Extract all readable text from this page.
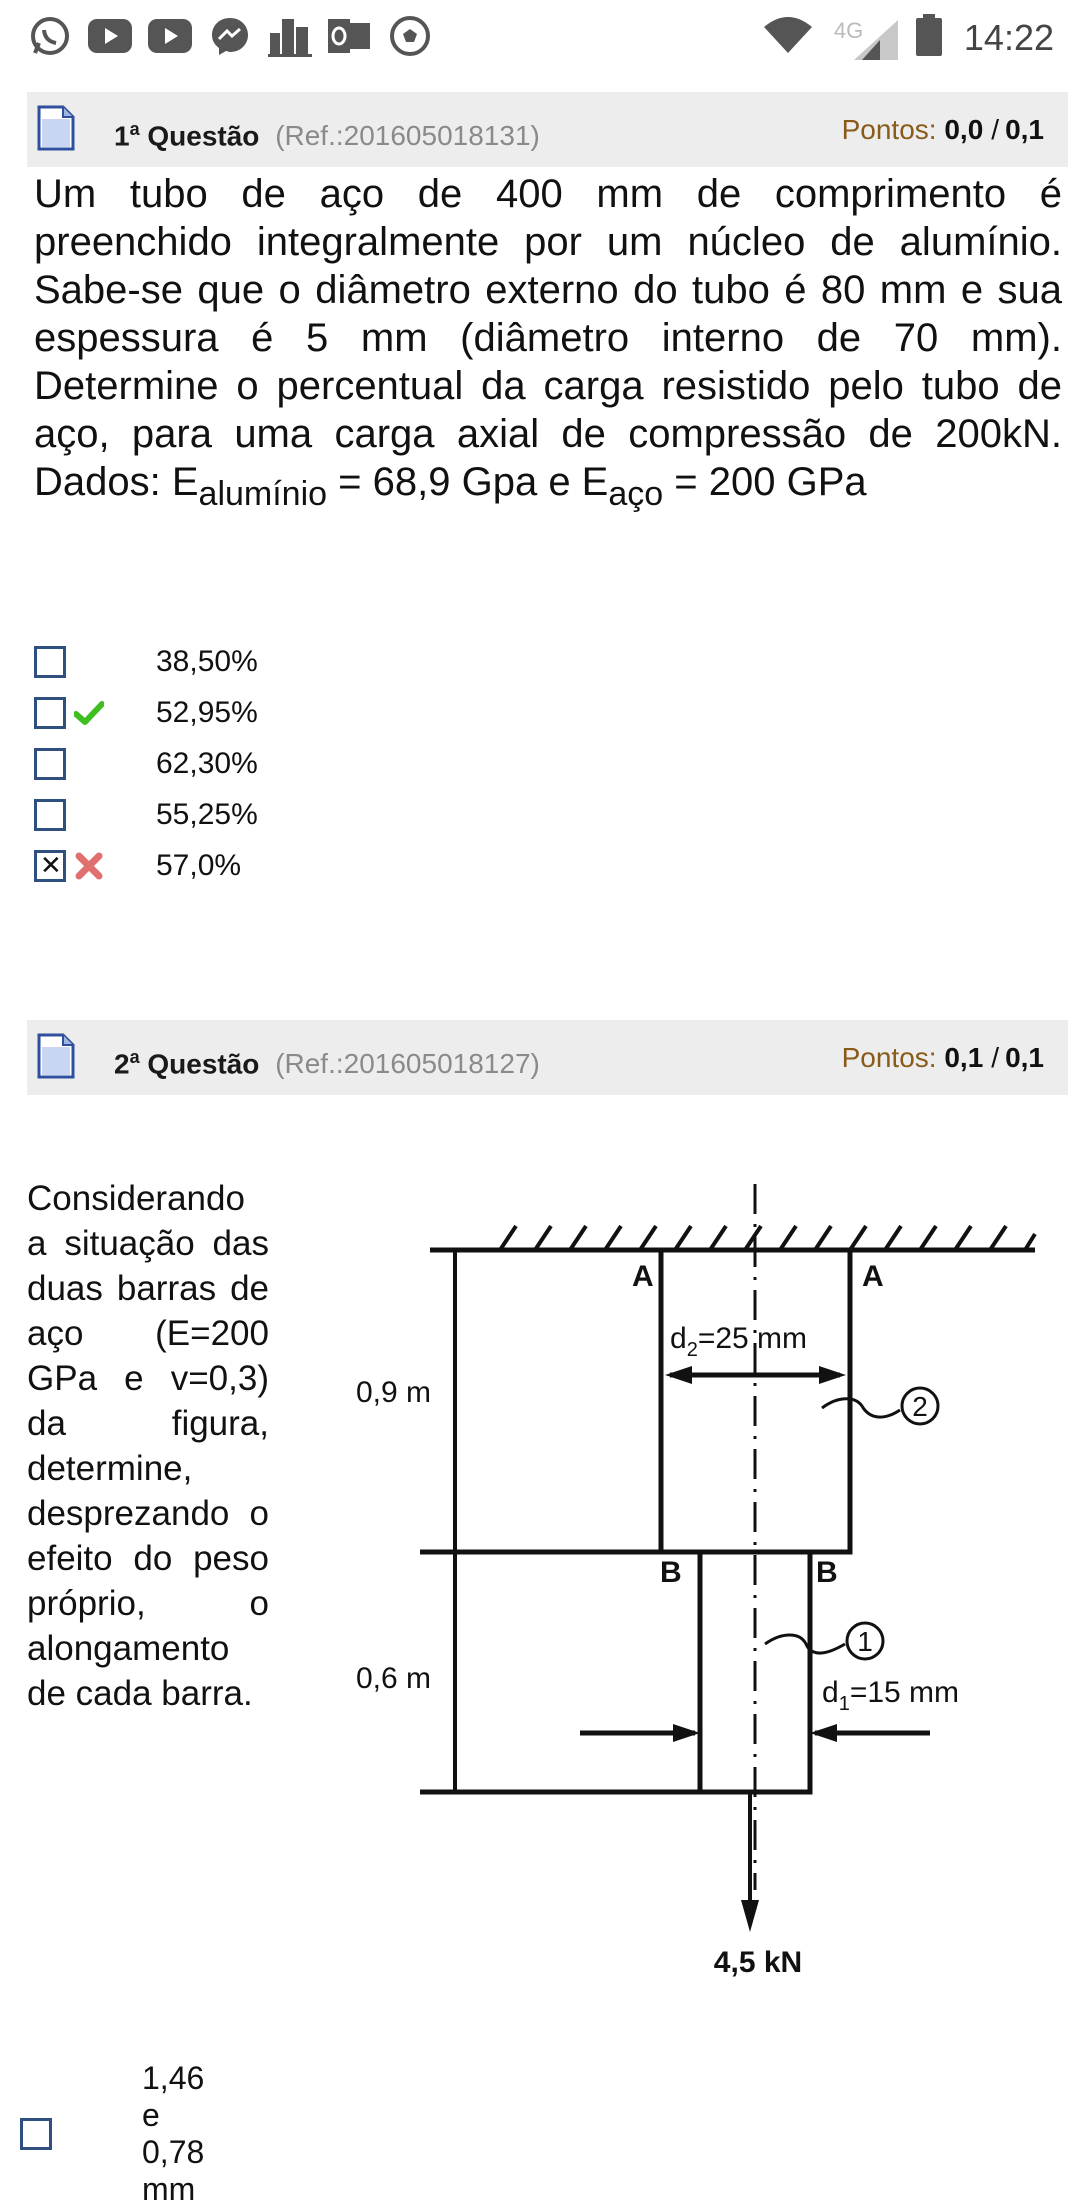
4G	14:22
1$^a$ Questão (Ref.:201605018131)	Pontos: 0,0 / 0,1
Um tubo de aço de 400 mm de comprimento é preenchido integralmente por um núcleo de alumínio. Sabe-se que o diâmetro externo do tubo é 80 mm e sua espessura é 5 mm (diâmetro interno de 70 mm). Determine o percentual da carga resistido pelo tubo de aço, para uma carga axial de compressão de 200kN. Dados: $E_{alumínio} = 68,9$ Gpa e $E_{aço} = 200$ GPa
38,50%
52,95%
62,30%
55,25%
✕
57,0%
2$^a$ Questão (Ref.:201605018127)	Pontos: 0,1 / 0,1
Considerando a situação das duas barras de aço (E=200 GPa e v=0,3) da figura, determine, desprezando o efeito do peso próprio, o alongamento de cada barra.
2
1
A	A
B	B
0,9 m
0,6 m
$d_2=25$ mm
$d_1=15$ mm
4,5 kN
1,46 e 0,78 mm
